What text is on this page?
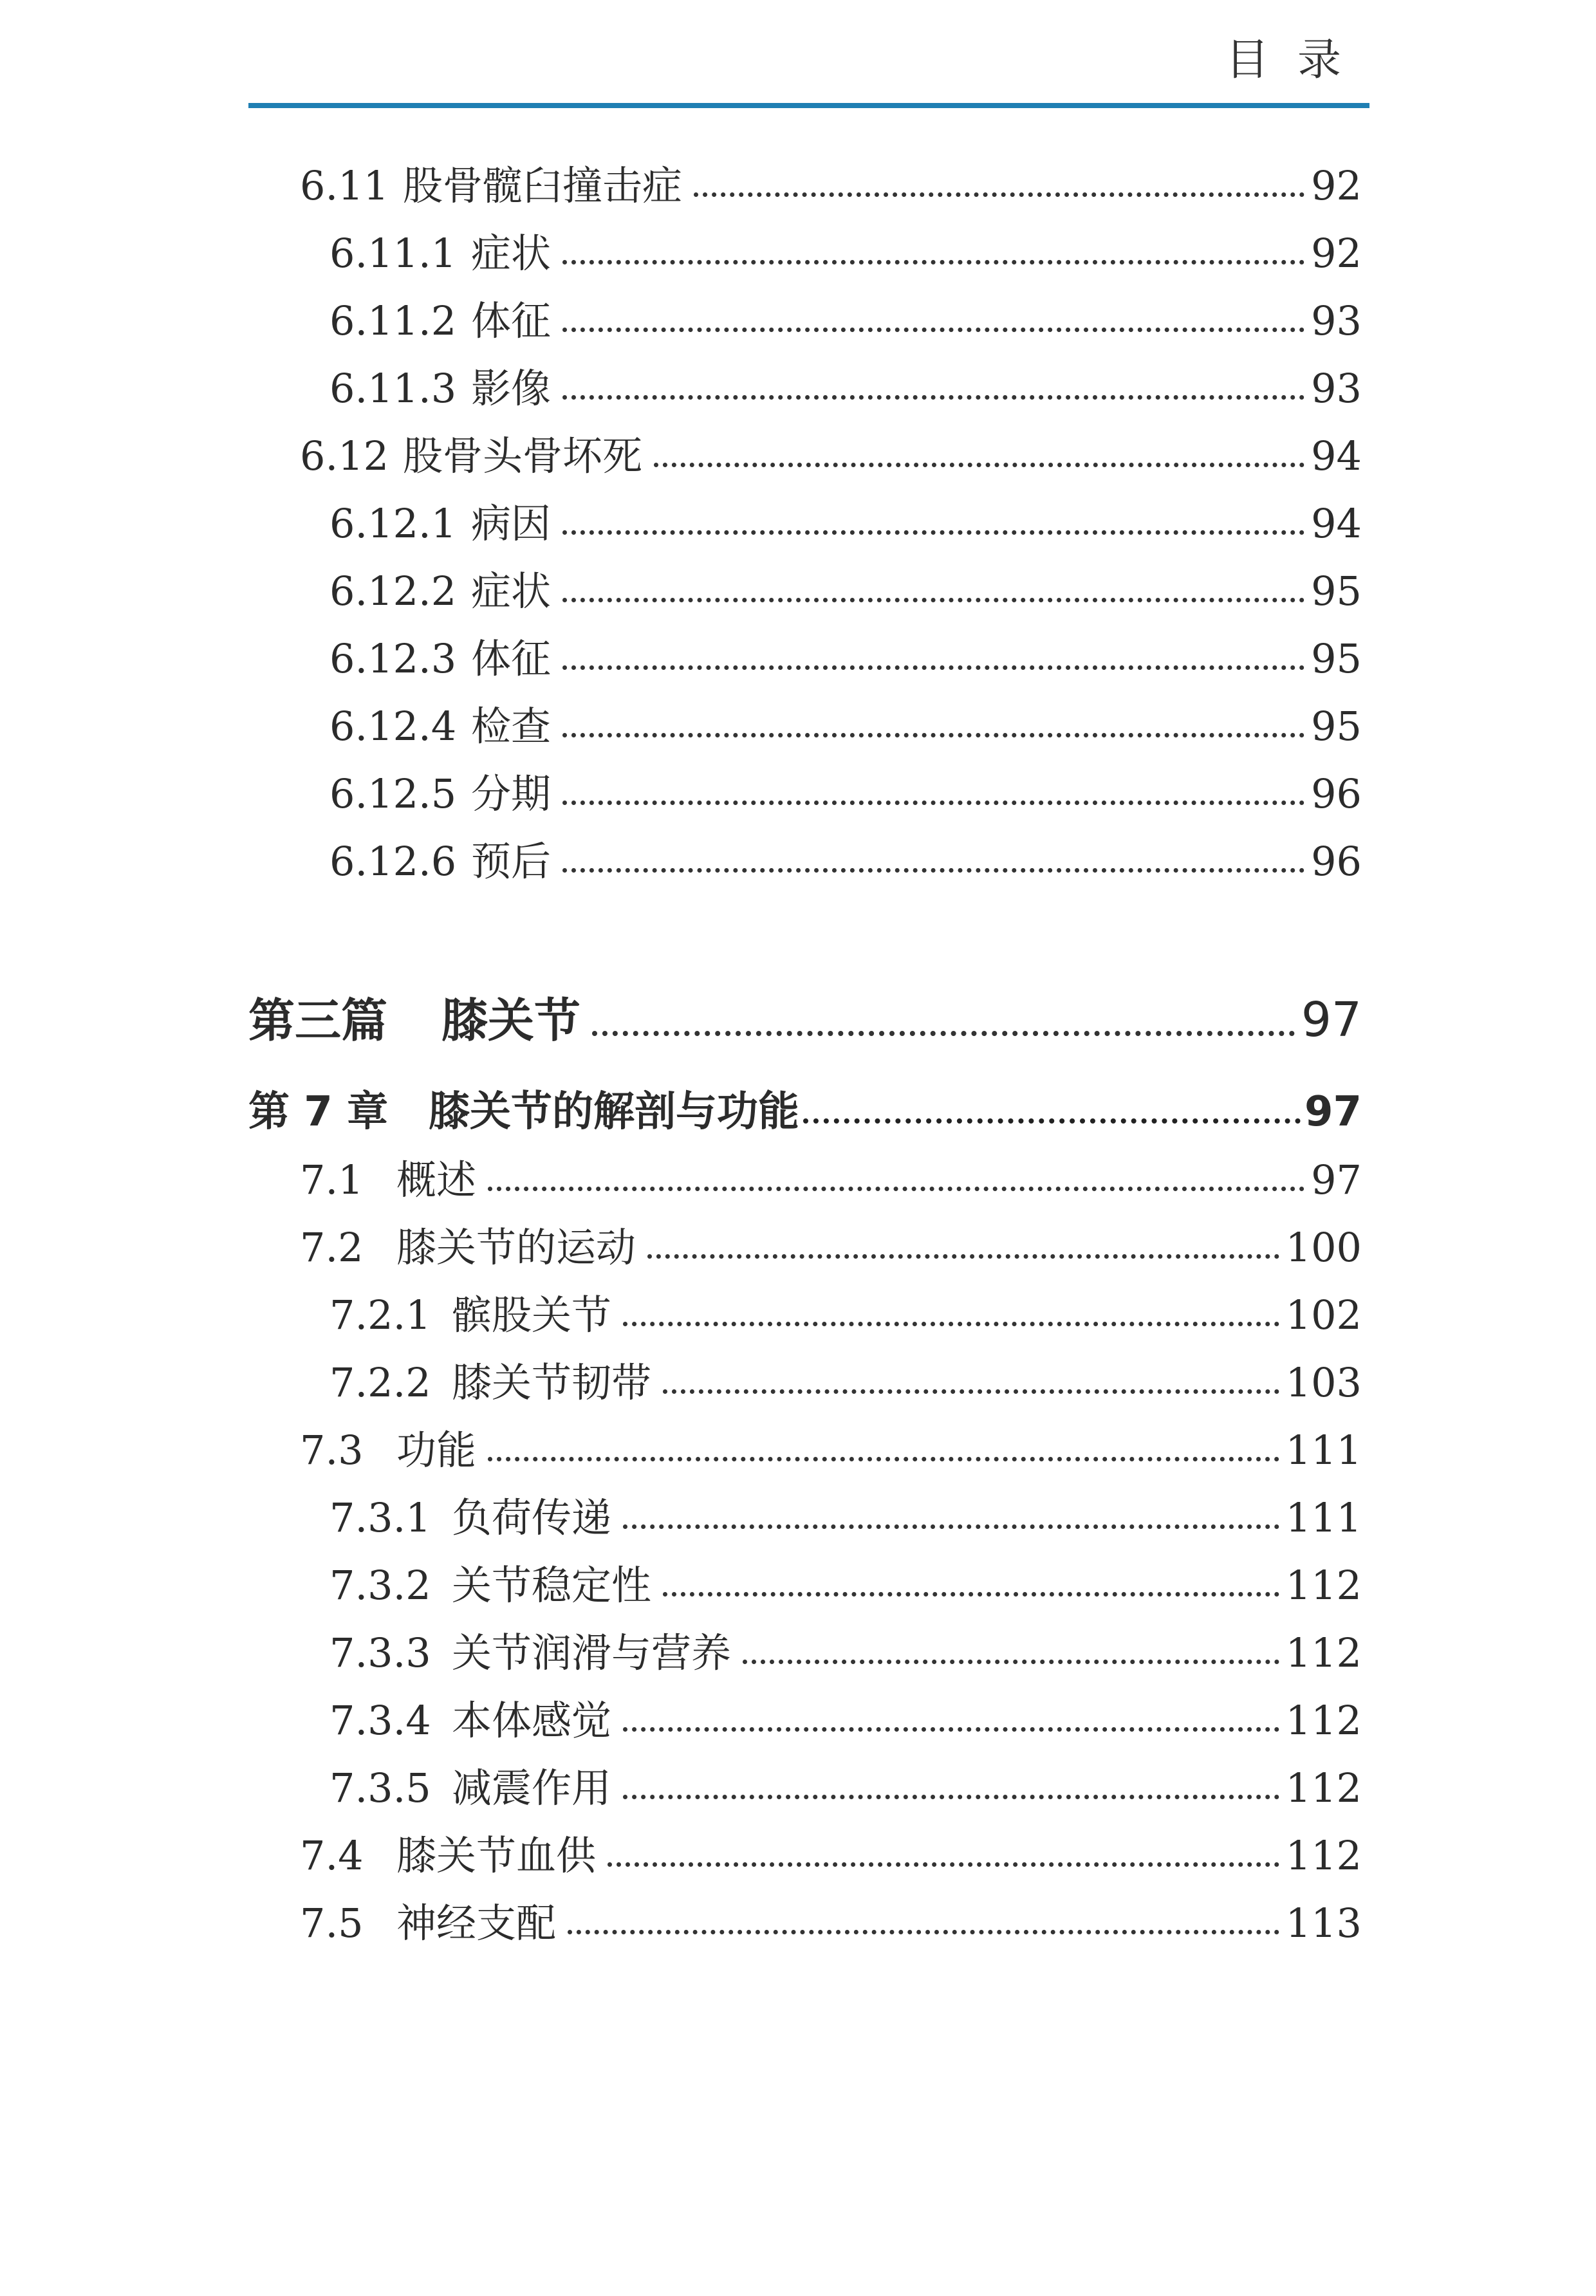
目录
6.11 股骨髋臼撞击症	92
6.11.1 症状	92
6.11.2 体征	93
6.11.3 影像	93
6.12 股骨头骨坏死	94
6.12.1 病因	94
6.12.2 症状	95
6.12.3 体征	95
6.12.4 检查	95
6.12.5 分期	96
6.12.6 预后	96
第三篇	膝关节	97
第 7 章 膝关节的解剖与功能	97
7.1 概述	97
7.2 膝关节的运动	100
7.2.1 髌股关节	102
7.2.2 膝关节韧带	103
7.3 功能	111
7.3.1 负荷传递	111
7.3.2 关节稳定性	112
7.3.3 关节润滑与营养	112
7.3.4 本体感觉	112
7.3.5 减震作用	112
7.4 膝关节血供	112
7.5 神经支配	113
